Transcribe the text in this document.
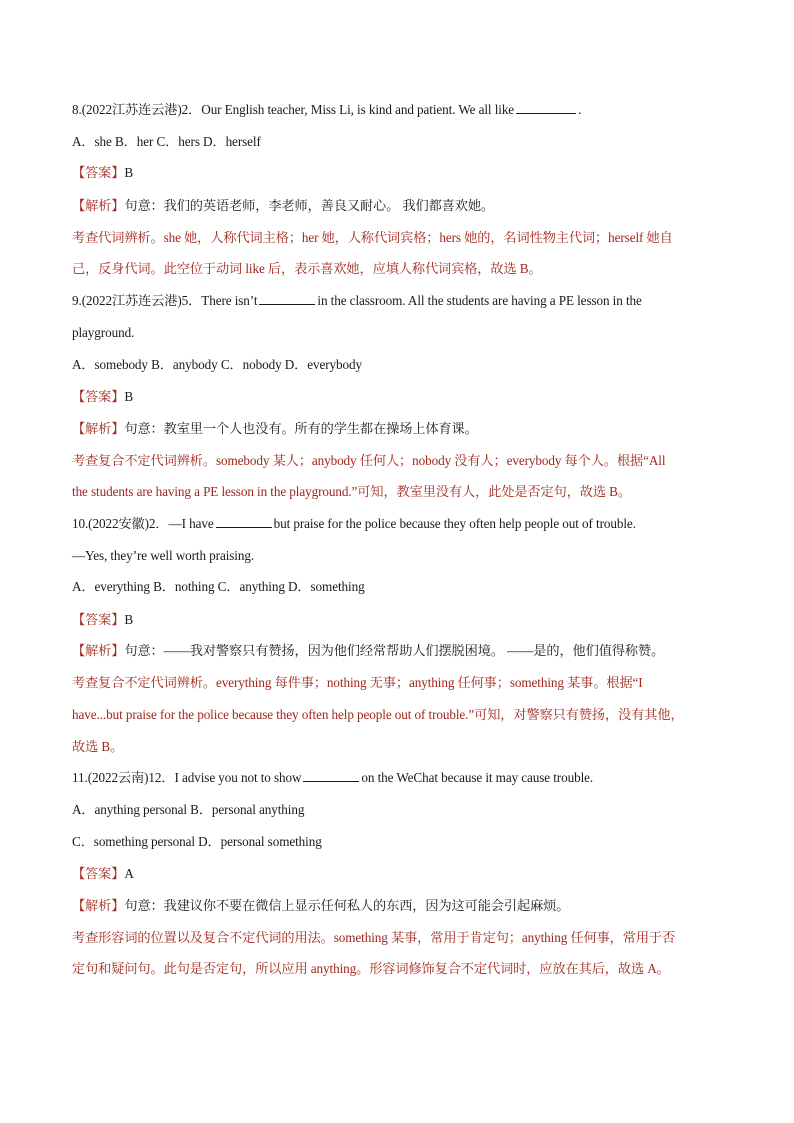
8.(2022江苏连云港)2．Our English teacher, Miss Li, is kind and patient. We all like	.
A．she B．her C．hers D．herself
【答案】B
【解析】句意：我们的英语老师，李老师，善良又耐心。 我们都喜欢她。
考查代词辨析。she 她，人称代词主格；her 她，人称代词宾格；hers 她的，名词性物主代词；herself 她自
己，反身代词。此空位于动词 like 后，表示喜欢她，应填人称代词宾格，故选 B。
9.(2022江苏连云港)5．There isn’t	in the classroom. All the students are having a PE lesson in the
playground.
A．somebody B．anybody C．nobody D．everybody
【答案】B
【解析】句意：教室里一个人也没有。所有的学生都在操场上体育课。
考查复合不定代词辨析。somebody 某人；anybody 任何人；nobody 没有人；everybody 每个人。根据“All
the students are having a PE lesson in the playground.”可知，教室里没有人，此处是否定句，故选 B。
10.(2022安徽)2．—I have	but praise for the police because they often help people out of trouble.
—Yes, they’re well worth praising.
A．everything B．nothing C．anything D．something
【答案】B
【解析】句意：——我对警察只有赞扬，因为他们经常帮助人们摆脱困境。 ——是的，他们值得称赞。
考查复合不定代词辨析。everything 每件事；nothing 无事；anything 任何事；something 某事。根据“I
have...but praise for the police because they often help people out of trouble.”可知，对警察只有赞扬，没有其他，
故选 B。
11.(2022云南)12．I advise you not to show	on the WeChat because it may cause trouble.
A．anything personal B．personal anything
C．something personal D．personal something
【答案】A
【解析】句意：我建议你不要在微信上显示任何私人的东西，因为这可能会引起麻烦。
考查形容词的位置以及复合不定代词的用法。something 某事，常用于肯定句；anything 任何事，常用于否
定句和疑问句。此句是否定句，所以应用 anything。形容词修饰复合不定代词时，应放在其后，故选 A。
